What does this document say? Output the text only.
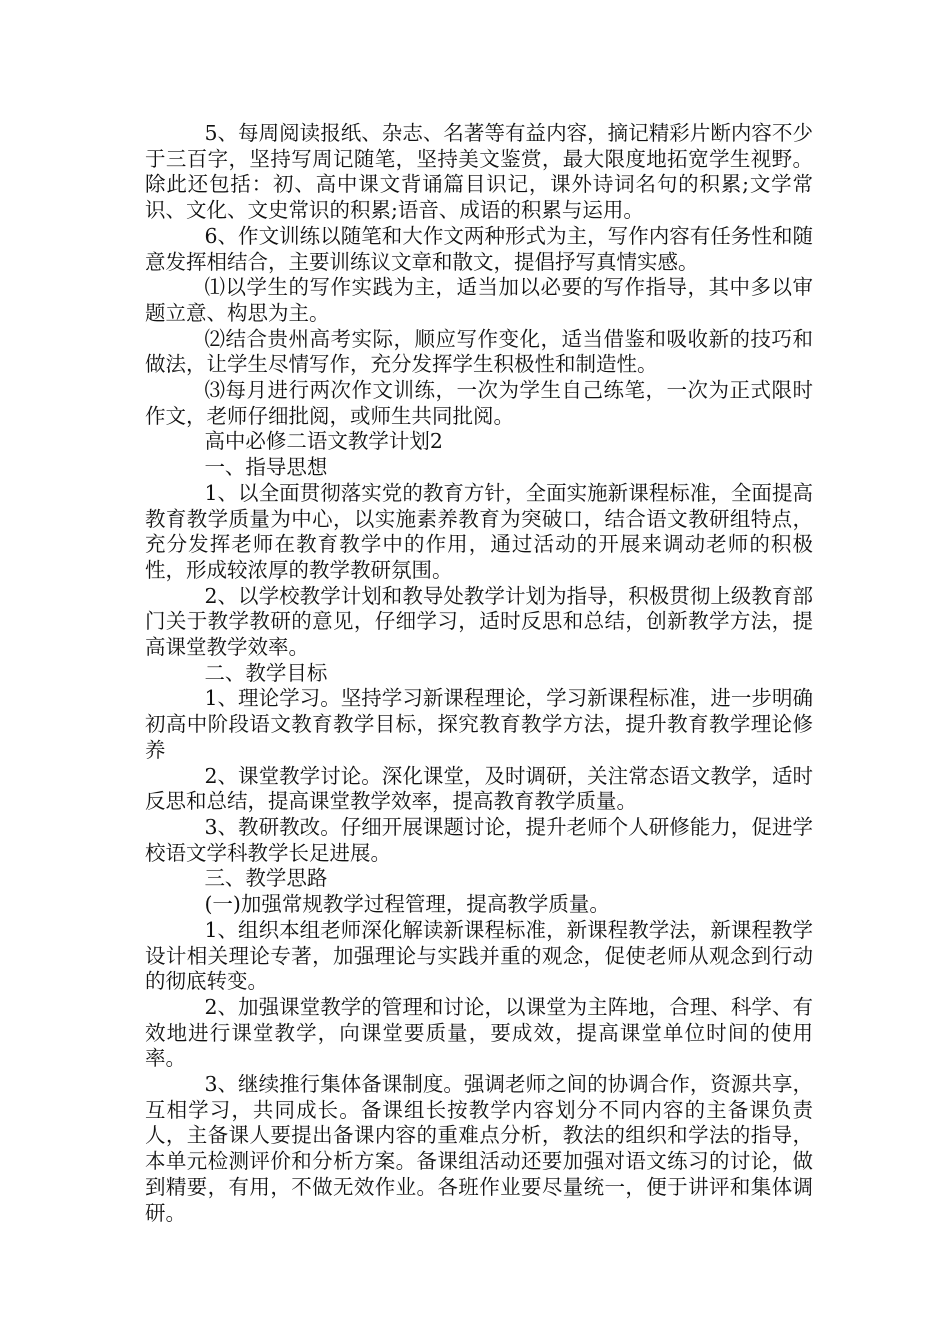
5、每周阅读报纸、杂志、名著等有益内容，摘记精彩片断内容不少于三百字，坚持写周记随笔，坚持美文鉴赏，最大限度地拓宽学生视野。除此还包括：初、高中课文背诵篇目识记，课外诗词名句的积累;文学常识、文化、文史常识的积累;语音、成语的积累与运用。

6、作文训练以随笔和大作文两种形式为主，写作内容有任务性和随意发挥相结合，主要训练议文章和散文，提倡抒写真情实感。

⑴以学生的写作实践为主，适当加以必要的写作指导，其中多以审题立意、构思为主。

⑵结合贵州高考实际，顺应写作变化，适当借鉴和吸收新的技巧和做法，让学生尽情写作，充分发挥学生积极性和制造性。

⑶每月进行两次作文训练，一次为学生自己练笔，一次为正式限时作文，老师仔细批阅，或师生共同批阅。

高中必修二语文教学计划2

一、指导思想

1、以全面贯彻落实党的教育方针，全面实施新课程标准，全面提高教育教学质量为中心，以实施素养教育为突破口，结合语文教研组特点，充分发挥老师在教育教学中的作用，通过活动的开展来调动老师的积极性，形成较浓厚的教学教研氛围。

2、以学校教学计划和教导处教学计划为指导，积极贯彻上级教育部门关于教学教研的意见，仔细学习，适时反思和总结，创新教学方法，提高课堂教学效率。

二、教学目标

1、理论学习。坚持学习新课程理论，学习新课程标准，进一步明确初高中阶段语文教育教学目标，探究教育教学方法，提升教育教学理论修养

2、课堂教学讨论。深化课堂，及时调研，关注常态语文教学，适时反思和总结，提高课堂教学效率，提高教育教学质量。

3、教研教改。仔细开展课题讨论，提升老师个人研修能力，促进学校语文学科教学长足进展。

三、教学思路

(一)加强常规教学过程管理，提高教学质量。

1、组织本组老师深化解读新课程标准，新课程教学法，新课程教学设计相关理论专著，加强理论与实践并重的观念，促使老师从观念到行动的彻底转变。

2、加强课堂教学的管理和讨论，以课堂为主阵地，合理、科学、有效地进行课堂教学，向课堂要质量，要成效，提高课堂单位时间的使用率。

3、继续推行集体备课制度。强调老师之间的协调合作，资源共享，互相学习，共同成长。备课组长按教学内容划分不同内容的主备课负责人，主备课人要提出备课内容的重难点分析，教法的组织和学法的指导，本单元检测评价和分析方案。备课组活动还要加强对语文练习的讨论，做到精要，有用，不做无效作业。各班作业要尽量统一，便于讲评和集体调研。
